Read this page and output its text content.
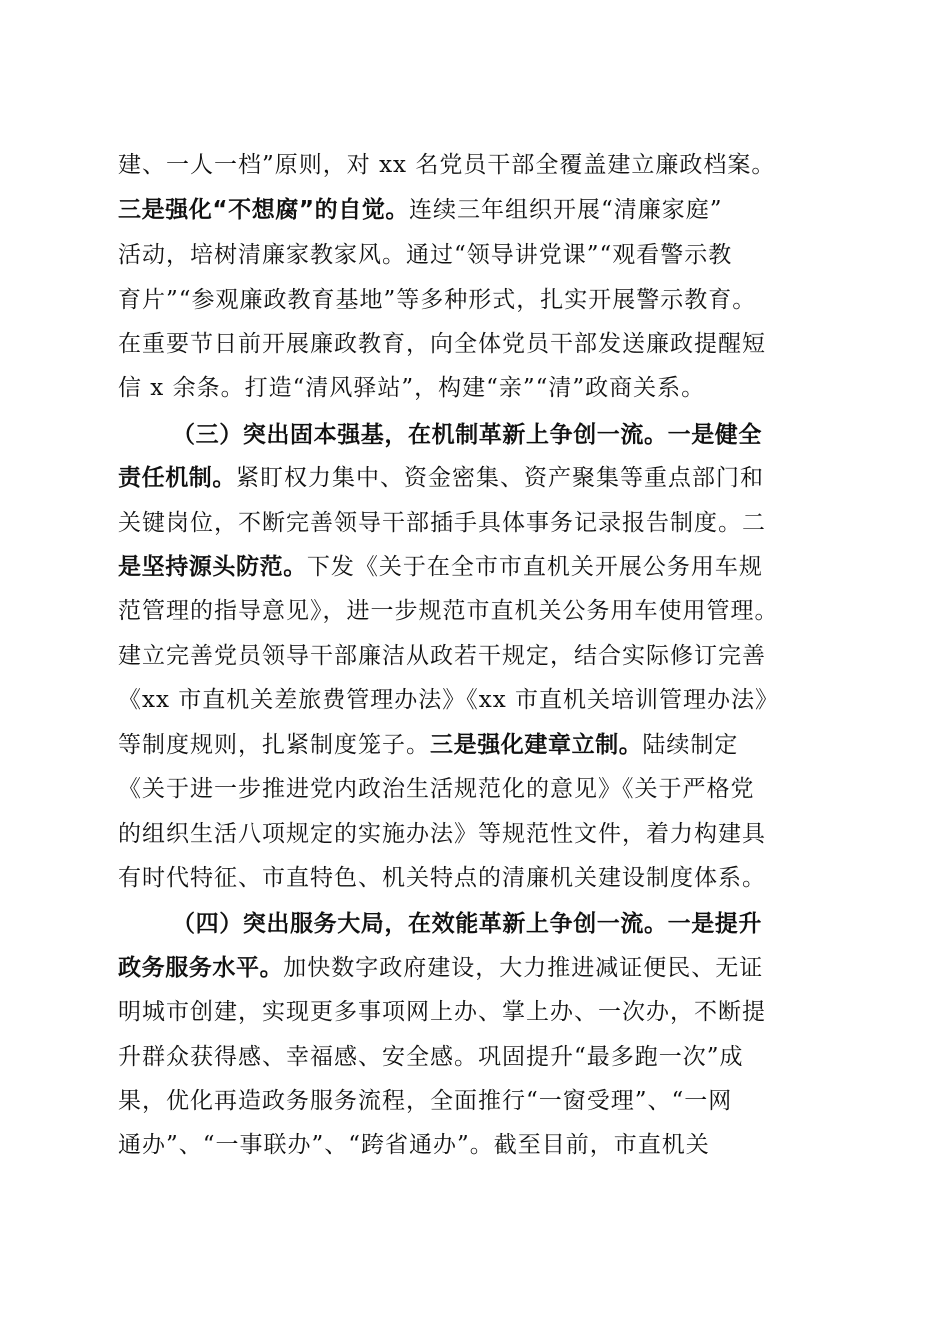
建、一人一档”原则，对 xx 名党员干部全覆盖建立廉政档案。
三是强化“不想腐”的自觉。连续三年组织开展“清廉家庭”
活动，培树清廉家教家风。通过“领导讲党课”“观看警示教
育片”“参观廉政教育基地”等多种形式，扎实开展警示教育。
在重要节日前开展廉政教育，向全体党员干部发送廉政提醒短
信 x 余条。打造“清风驿站”，构建“亲”“清”政商关系。
（三）突出固本强基，在机制革新上争创一流。一是健全
责任机制。紧盯权力集中、资金密集、资产聚集等重点部门和
关键岗位，不断完善领导干部插手具体事务记录报告制度。二
是坚持源头防范。下发《关于在全市市直机关开展公务用车规
范管理的指导意见》，进一步规范市直机关公务用车使用管理。
建立完善党员领导干部廉洁从政若干规定，结合实际修订完善
《xx 市直机关差旅费管理办法》《xx 市直机关培训管理办法》
等制度规则，扎紧制度笼子。三是强化建章立制。陆续制定
《关于进一步推进党内政治生活规范化的意见》《关于严格党
的组织生活八项规定的实施办法》等规范性文件，着力构建具
有时代特征、市直特色、机关特点的清廉机关建设制度体系。
（四）突出服务大局，在效能革新上争创一流。一是提升
政务服务水平。加快数字政府建设，大力推进减证便民、无证
明城市创建，实现更多事项网上办、掌上办、一次办，不断提
升群众获得感、幸福感、安全感。巩固提升“最多跑一次”成
果，优化再造政务服务流程，全面推行“一窗受理”、“一网
通办”、“一事联办”、“跨省通办”。截至目前，市直机关
